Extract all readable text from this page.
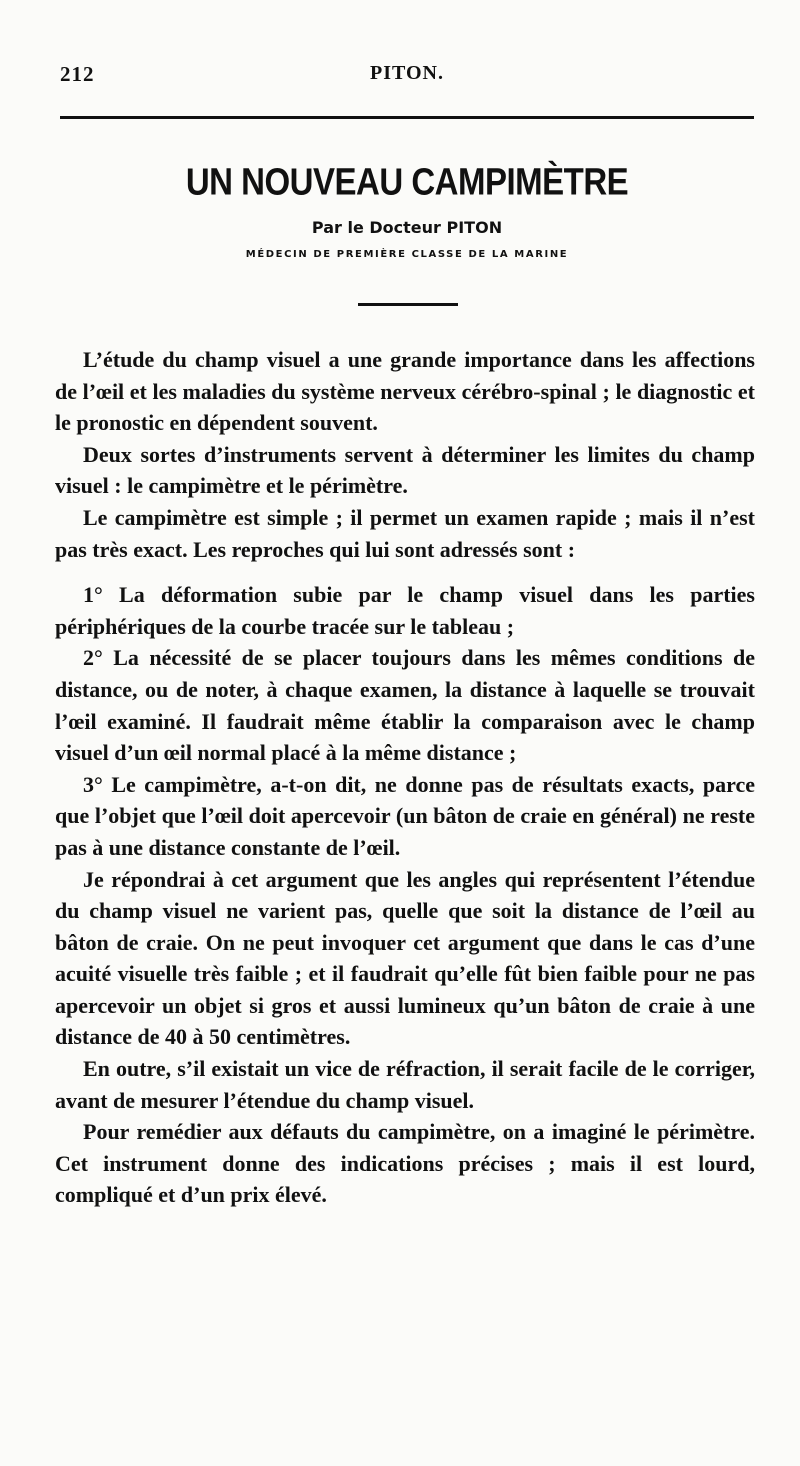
212	PITON.
UN NOUVEAU CAMPIMÈTRE
Par le Docteur PITON
MÉDECIN DE PREMIÈRE CLASSE DE LA MARINE

L’étude du champ visuel a une grande importance dans les affections de l’œil et les maladies du système nerveux cérébro-spinal ; le diagnostic et le pronostic en dépendent souvent.

Deux sortes d’instruments servent à déterminer les limites du champ visuel : le campimètre et le périmètre.

Le campimètre est simple ; il permet un examen rapide ; mais il n’est pas très exact. Les reproches qui lui sont adressés sont :

1° La déformation subie par le champ visuel dans les parties périphériques de la courbe tracée sur le tableau ;

2° La nécessité de se placer toujours dans les mêmes conditions de distance, ou de noter, à chaque examen, la distance à laquelle se trouvait l’œil examiné. Il faudrait même établir la comparaison avec le champ visuel d’un œil normal placé à la même distance ;

3° Le campimètre, a-t-on dit, ne donne pas de résultats exacts, parce que l’objet que l’œil doit apercevoir (un bâton de craie en général) ne reste pas à une distance constante de l’œil.

Je répondrai à cet argument que les angles qui représentent l’étendue du champ visuel ne varient pas, quelle que soit la distance de l’œil au bâton de craie. On ne peut invoquer cet argument que dans le cas d’une acuité visuelle très faible ; et il faudrait qu’elle fût bien faible pour ne pas apercevoir un objet si gros et aussi lumineux qu’un bâton de craie à une distance de 40 à 50 centimètres.

En outre, s’il existait un vice de réfraction, il serait facile de le corriger, avant de mesurer l’étendue du champ visuel.

Pour remédier aux défauts du campimètre, on a imaginé le périmètre. Cet instrument donne des indications précises ; mais il est lourd, compliqué et d’un prix élevé.
